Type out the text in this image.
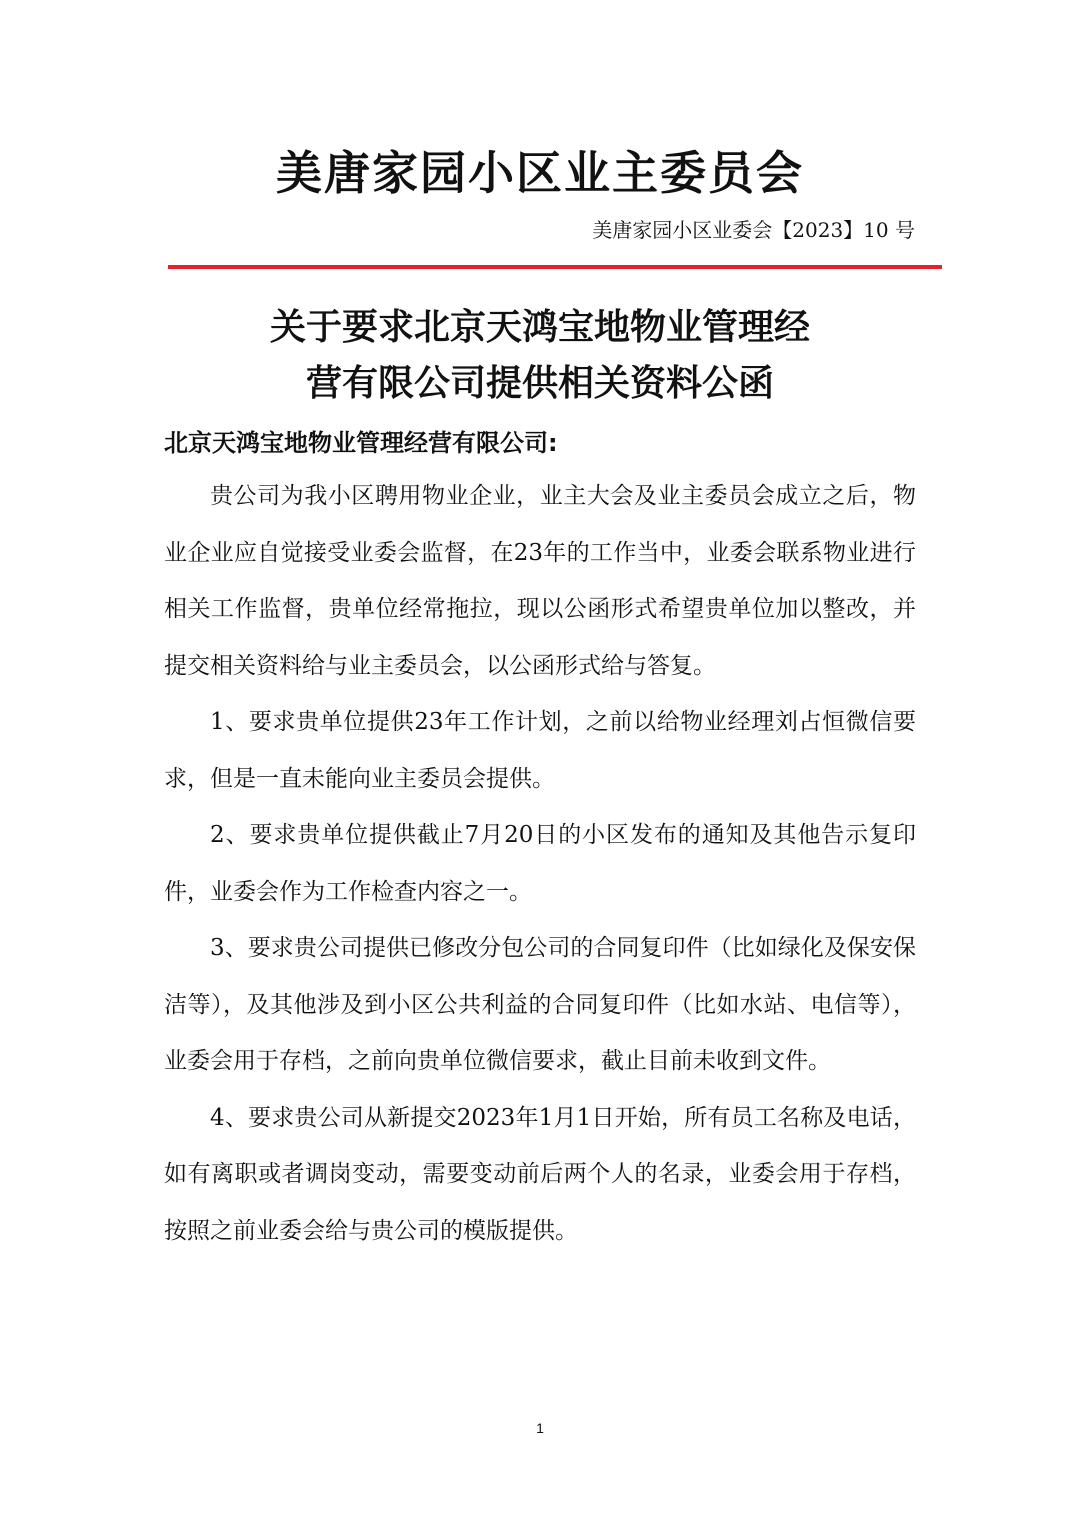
美唐家园小区业主委员会
美唐家园小区业委会【2023】10 号
关于要求北京天鸿宝地物业管理经
营有限公司提供相关资料公函
北京天鸿宝地物业管理经营有限公司:

贵公司为我小区聘用物业企业，业主大会及业主委员会成立之后，物业企业应自觉接受业委会监督，在23年的工作当中，业委会联系物业进行相关工作监督，贵单位经常拖拉，现以公函形式希望贵单位加以整改，并提交相关资料给与业主委员会，以公函形式给与答复。

1、要求贵单位提供23年工作计划，之前以给物业经理刘占恒微信要求，但是一直未能向业主委员会提供。

2、要求贵单位提供截止7月20日的小区发布的通知及其他告示复印件，业委会作为工作检查内容之一。

3、要求贵公司提供已修改分包公司的合同复印件（比如绿化及保安保洁等），及其他涉及到小区公共利益的合同复印件（比如水站、电信等），业委会用于存档，之前向贵单位微信要求，截止目前未收到文件。

4、要求贵公司从新提交2023年1月1日开始，所有员工名称及电话，如有离职或者调岗变动，需要变动前后两个人的名录，业委会用于存档，按照之前业委会给与贵公司的模版提供。

1
